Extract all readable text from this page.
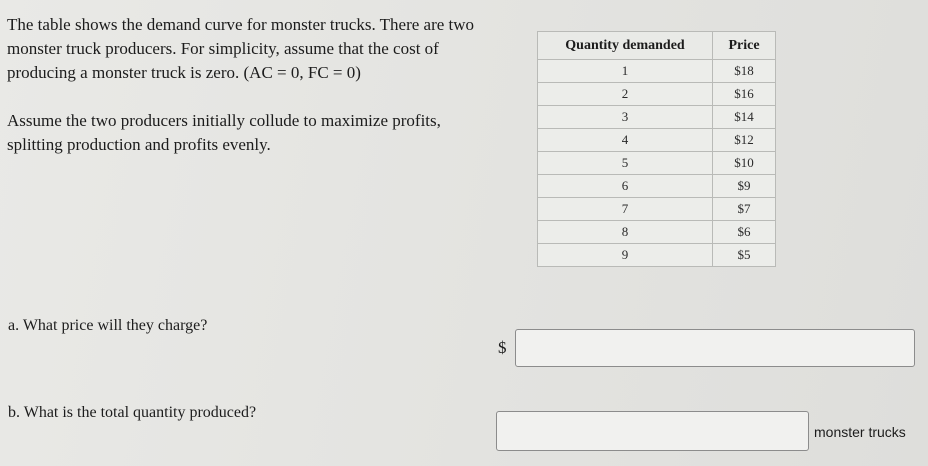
The table shows the demand curve for monster trucks. There are two monster truck producers. For simplicity, assume that the cost of producing a monster truck is zero. (AC = 0, FC = 0)

Assume the two producers initially collude to maximize profits, splitting production and profits evenly.

Quantity demanded	Price
1	$18
2	$16
3	$14
4	$12
5	$10
6	$9
7	$7
8	$6
9	$5

a. What price will they charge?

$

b. What is the total quantity produced?

monster trucks
